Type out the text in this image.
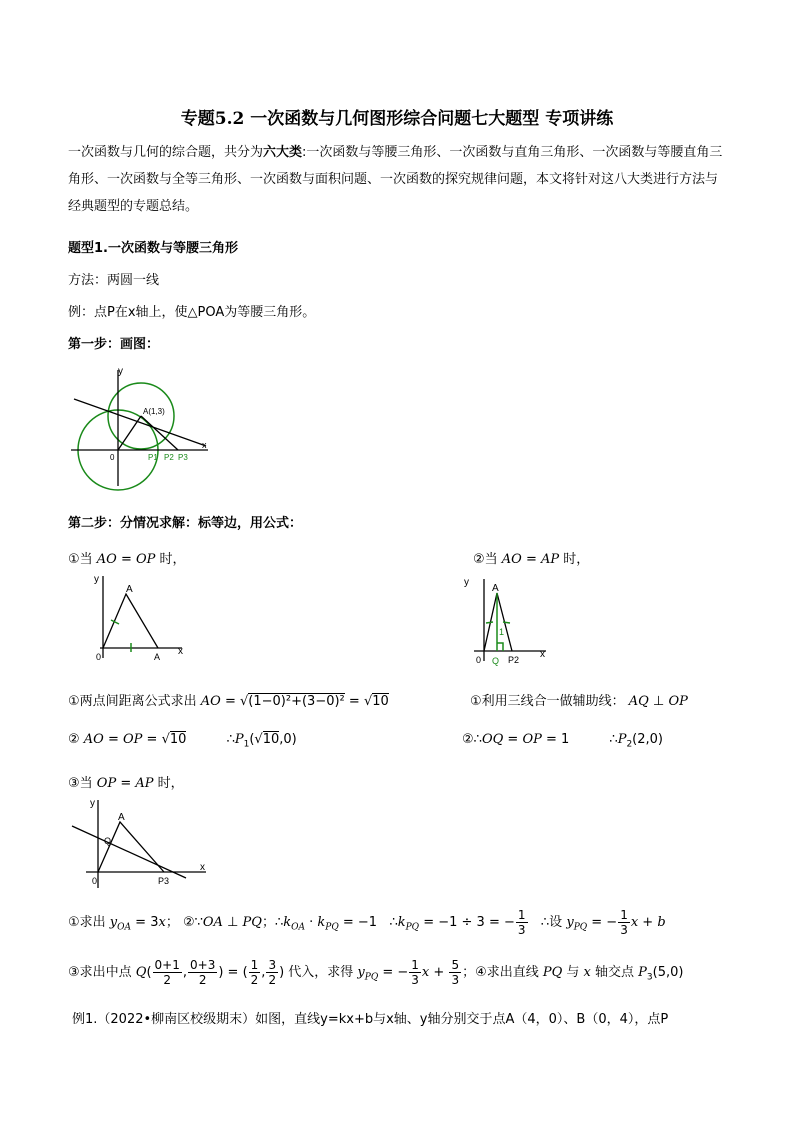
专题5.2 一次函数与几何图形综合问题七大题型 专项讲练
一次函数与几何的综合题，共分为六大类:一次函数与等腰三角形、一次函数与直角三角形、一次函数与等腰直角三角形、一次函数与全等三角形、一次函数与面积问题、一次函数的探究规律问题，本文将针对这八大类进行方法与经典题型的专题总结。
题型1.一次函数与等腰三角形
方法：两圆一线
例：点P在x轴上，使△POA为等腰三角形。
第一步：画图：
y
x
0
A(1,3)
P1 P2 P3
第二步：分情况求解：标等边，用公式：
①当 AO = OP 时，	②当 AO = AP 时，
y
x
0
A
A
y
x
0
A
1
Q P2
①两点间距离公式求出 AO = √(1−0)²+(3−0)² = √10	①利用三线合一做辅助线： AQ ⊥ OP
② AO = OP = √10	$\therefore P_1(√10,0)$	②∴OQ = OP = 1	$\therefore P_2(2,0)$
③当 OP = AP 时，
y
x
0
A
Q
P3
①求出 $y_{OA} = 3x$； ②∵OA ⊥ PQ；$\therefore k_{OA} \cdot k_{PQ} = -1$   $\therefore k_{PQ} = -1 \div 3$ = − $\frac{1}{3}$ ∴设 $y_{PQ}$ = − $\frac{1}{3}$ x + b
③求出中点 $Q( \frac{0+1}{2}$ , $\frac{0+3}{2}$ ) = ( $\frac{1}{2}$ , $\frac{3}{2}$ ) 代入，求得 $y_{PQ}$ = − $\frac{1}{3}$ $x + \frac{5}{3}$ ；④求出直线 PQ 与 x 轴交点 $P_3(5,0)$
例1.（2022•柳南区校级期末）如图，直线y=kx+b与x轴、y轴分别交于点A（4，0）、B（0，4），点P
